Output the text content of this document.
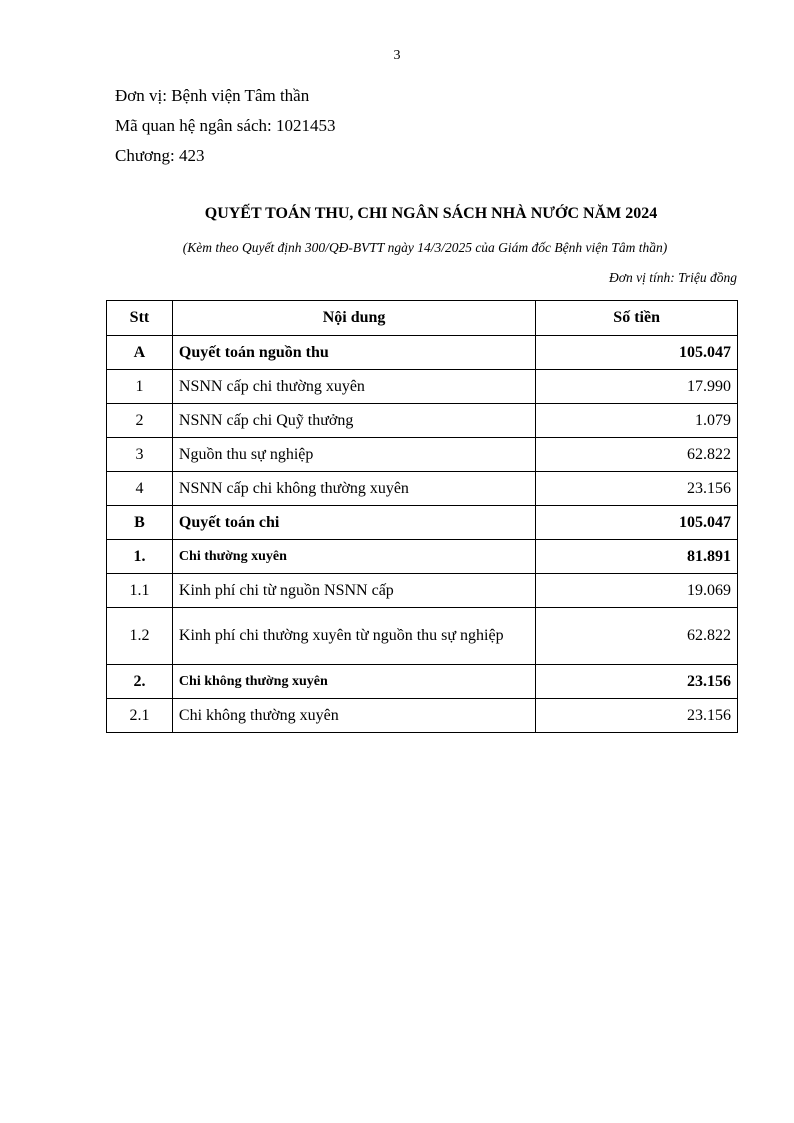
3
Đơn vị: Bệnh viện Tâm thần
Mã quan hệ ngân sách: 1021453
Chương: 423
QUYẾT TOÁN THU, CHI NGÂN SÁCH NHÀ NƯỚC NĂM 2024
(Kèm theo Quyết định 300/QĐ-BVTT ngày 14/3/2025 của Giám đốc Bệnh viện Tâm thần)
Đơn vị tính: Triệu đồng
Stt	Nội dung	Số tiền
A	Quyết toán nguồn thu	105.047
1	NSNN cấp chi thường xuyên	17.990
2	NSNN cấp chi Quỹ thưởng	1.079
3	Nguồn thu sự nghiệp	62.822
4	NSNN cấp chi không thường xuyên	23.156
B	Quyết toán chi	105.047
1.	Chi thường xuyên	81.891
1.1	Kinh phí chi từ nguồn NSNN cấp	19.069
1.2	Kinh phí chi thường xuyên từ nguồn thu sự nghiệp	62.822
2.	Chi không thường xuyên	23.156
2.1	Chi không thường xuyên	23.156
